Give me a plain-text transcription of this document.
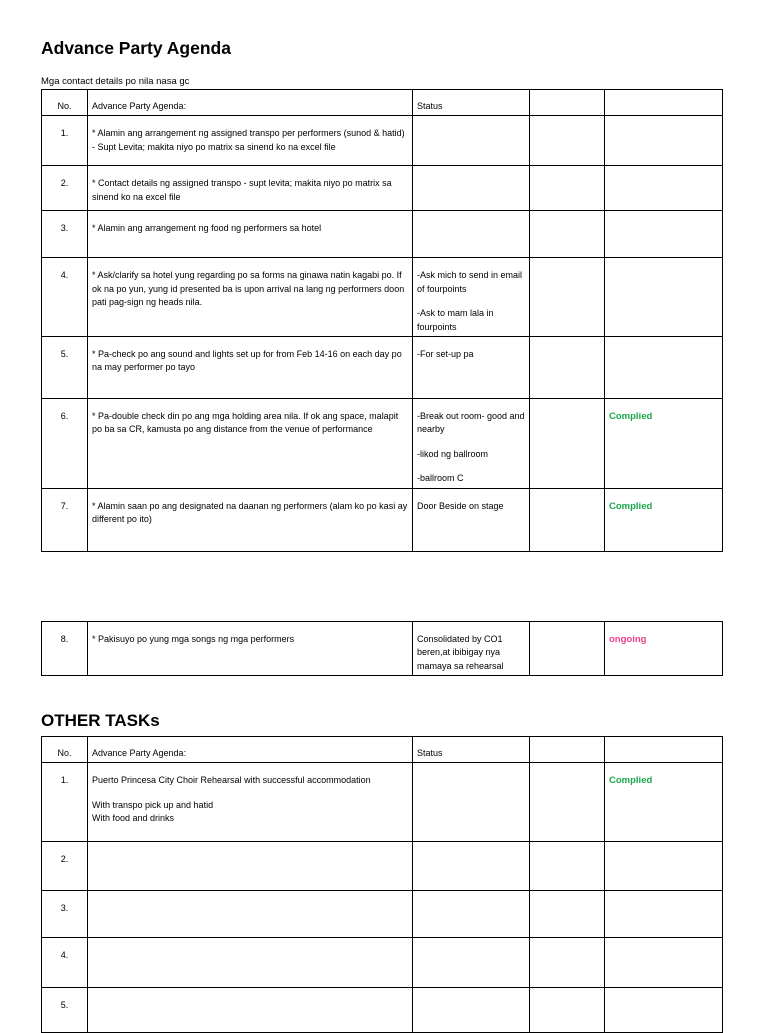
Advance Party Agenda
Mga contact details po nila nasa gc
No.	Advance Party Agenda:	Status		
1.	* Alamin ang arrangement ng assigned transpo per performers (sunod & hatid) - Supt Levita; makita niyo po matrix sa sinend ko na excel file			
2.	* Contact details ng assigned transpo - supt levita; makita niyo po matrix sa sinend ko na excel file			
3.	* Alamin ang arrangement ng food ng performers sa hotel			
4.	* Ask/clarify sa hotel yung regarding po sa forms na ginawa natin kagabi po. If ok na po yun, yung id presented ba is upon arrival na lang ng performers doon pati pag-sign ng heads nila.	-Ask mich to send in email of fourpoints
-Ask to mam lala in fourpoints		

5.	* Pa-check po ang sound and lights set up for from Feb 14-16 on each day po na may performer po tayo	-For set-up pa		

6.	* Pa-double check din po ang mga holding area nila. If ok ang space, malapit po ba sa CR, kamusta po ang distance from the venue of performance	-Break out room- good and nearby
-likod ng ballroom
-ballroom C		Complied
7.	* Alamin saan po ang designated na daanan ng performers (alam ko po kasi ay different po ito)	Door Beside on stage		Complied
8.	* Pakisuyo po yung mga songs ng mga performers	Consolidated by CO1 beren,at ibibigay nya mamaya sa rehearsal		ongoing
OTHER TASKs
No.	Advance Party Agenda:	Status		
1.	Puerto Princesa City Choir Rehearsal with successful accommodation
With transpo pick up and hatid
With food and drinks			Complied
2.				
3.				
4.				
5.				
